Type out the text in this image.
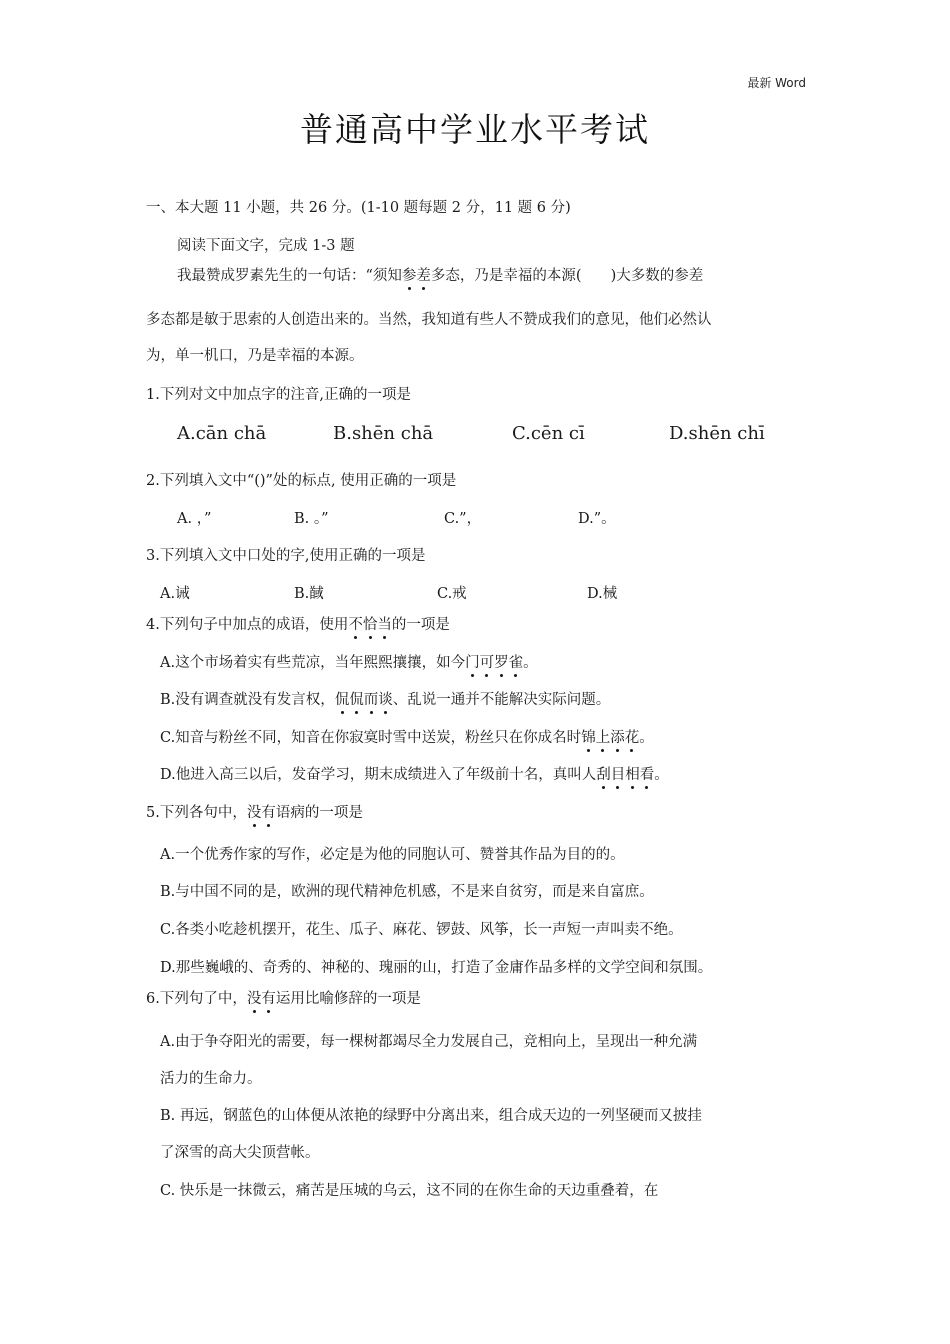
最新 Word
普通高中学业水平考试
一、本大题 11 小题，共 26 分。(1-10 题每题 2 分，11 题 6 分)
阅读下面文字，完成 1-3 题
我最赞成罗素先生的一句话：“须知参差多态，乃是幸福的本源(　　)大多数的参差
多态都是敏于思索的人创造出来的。当然，我知道有些人不赞成我们的意见，他们必然认
为，单一机口，乃是幸福的本源。
1.下列对文中加点字的注音,正确的一项是
A.cān chā	B.shēn chā	C.cēn cī	D.shēn chī
2.下列填入文中“()”处的标点, 使用正确的一项是
A. ，”	B. 。”	C.”，	D.”。
3.下列填入文中口处的字,使用正确的一项是
A.诫	B.馘	C.戒	D.械
4.下列句子中加点的成语，使用不恰当的一项是
A.这个市场着实有些荒凉，当年熙熙攘攘，如今门可罗雀。
B.没有调查就没有发言权，侃侃而谈、乱说一通并不能解决实际问题。
C.知音与粉丝不同，知音在你寂寞时雪中送炭，粉丝只在你成名时锦上添花。
D.他进入高三以后，发奋学习，期末成绩进入了年级前十名，真叫人刮目相看。
5.下列各句中，没有语病的一项是
A.一个优秀作家的写作，必定是为他的同胞认可、赞誉其作品为目的的。
B.与中国不同的是，欧洲的现代精神危机感，不是来自贫穷，而是来自富庶。
C.各类小吃趁机摆开，花生、瓜子、麻花、锣鼓、风筝，长一声短一声叫卖不绝。
D.那些巍峨的、奇秀的、神秘的、瑰丽的山，打造了金庸作品多样的文学空间和氛围。
6.下列句了中，没有运用比喻修辞的一项是
A.由于争夺阳光的需要，每一棵树都竭尽全力发展自己，竞相向上，呈现出一种允满
活力的生命力。
B. 再远，钢蓝色的山体便从浓艳的绿野中分离出来，组合成天边的一列坚硬而又披挂
了深雪的高大尖顶营帐。
C. 快乐是一抹微云，痛苦是压城的乌云，这不同的在你生命的天边重叠着，在
